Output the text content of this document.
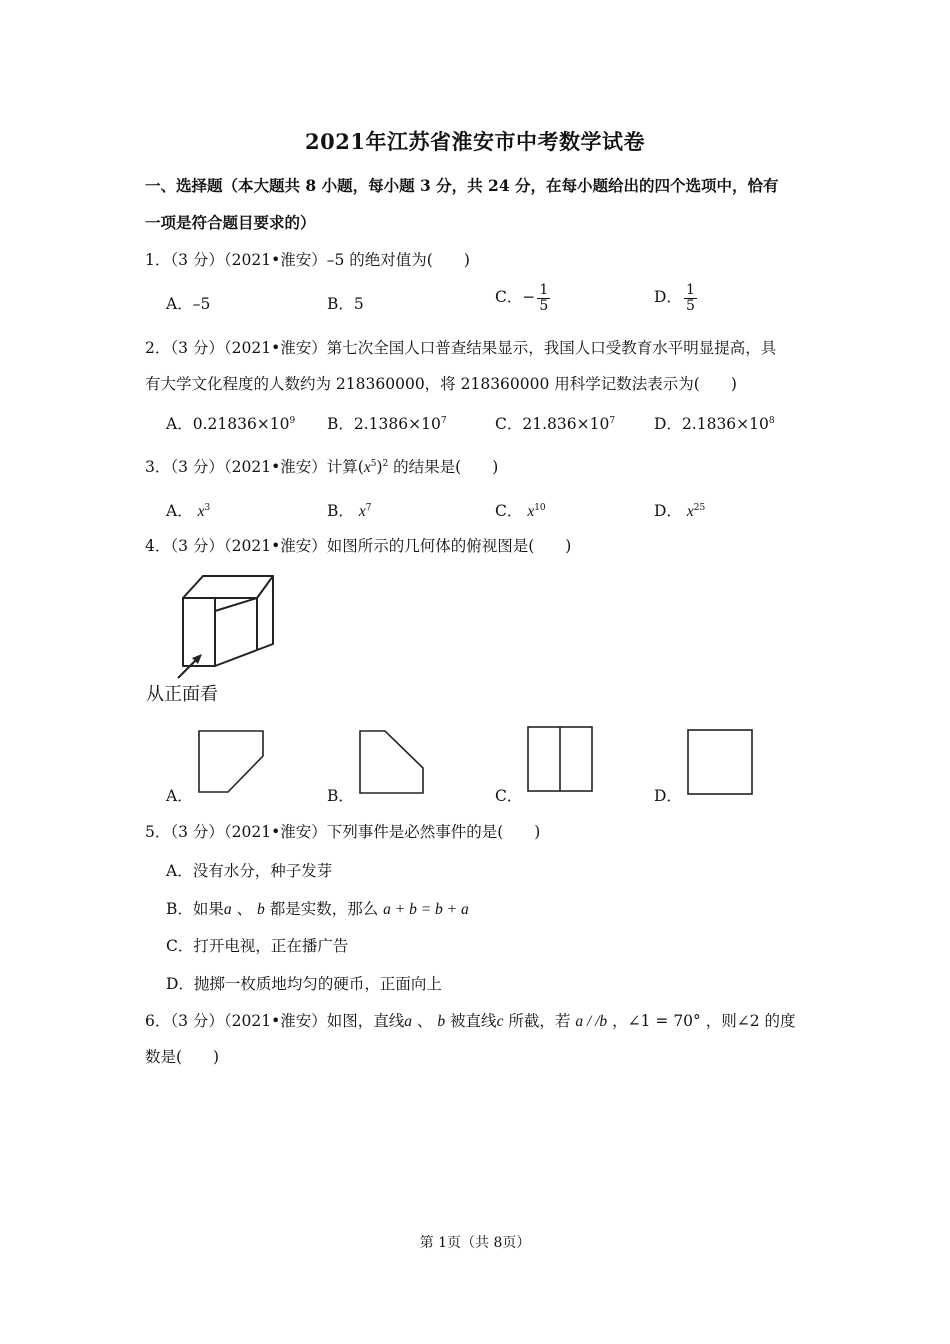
2021年江苏省淮安市中考数学试卷
一、选择题（本大题共 8 小题，每小题 3 分，共 24 分，在每小题给出的四个选项中，恰有
一项是符合题目要求的）
1．（3 分）（2021•淮安）–5 的绝对值为(　　)
A．–5	B．5	C．− $\frac{1}{5}$	D． $\frac{1}{5}$
2．（3 分）（2021•淮安）第七次全国人口普查结果显示，我国人口受教育水平明显提高，具
有大学文化程度的人数约为 218360000，将 218360000 用科学记数法表示为(　　)
A．$0.21836\times 10^9$ B．$2.1386\times 10^7$	C．$21.836\times 10^7$	D．$2.1836\times 10^8$
3．（3 分）（2021•淮安）计算$(x^5)^2$ 的结果是(　　)
A． $x^3$	B． $x^7$	C． $x^{10}$	D． $x^{25}$
4．（3 分）（2021•淮安）如图所示的几何体的俯视图是(　　)
从正面看
A．	B．	C．	D．
5．（3 分）（2021•淮安）下列事件是必然事件的是(　　)
A．没有水分，种子发芽
B．如果a 、 b 都是实数，那么 a + b = b + a
C．打开电视，正在播广告
D．抛掷一枚质地均匀的硬币，正面向上
6．（3 分）（2021•淮安）如图，直线a 、 b 被直线c 所截，若 a / /b ，∠1 = 70° ，则∠2 的度
数是(　　)
第 1页（共 8页）
